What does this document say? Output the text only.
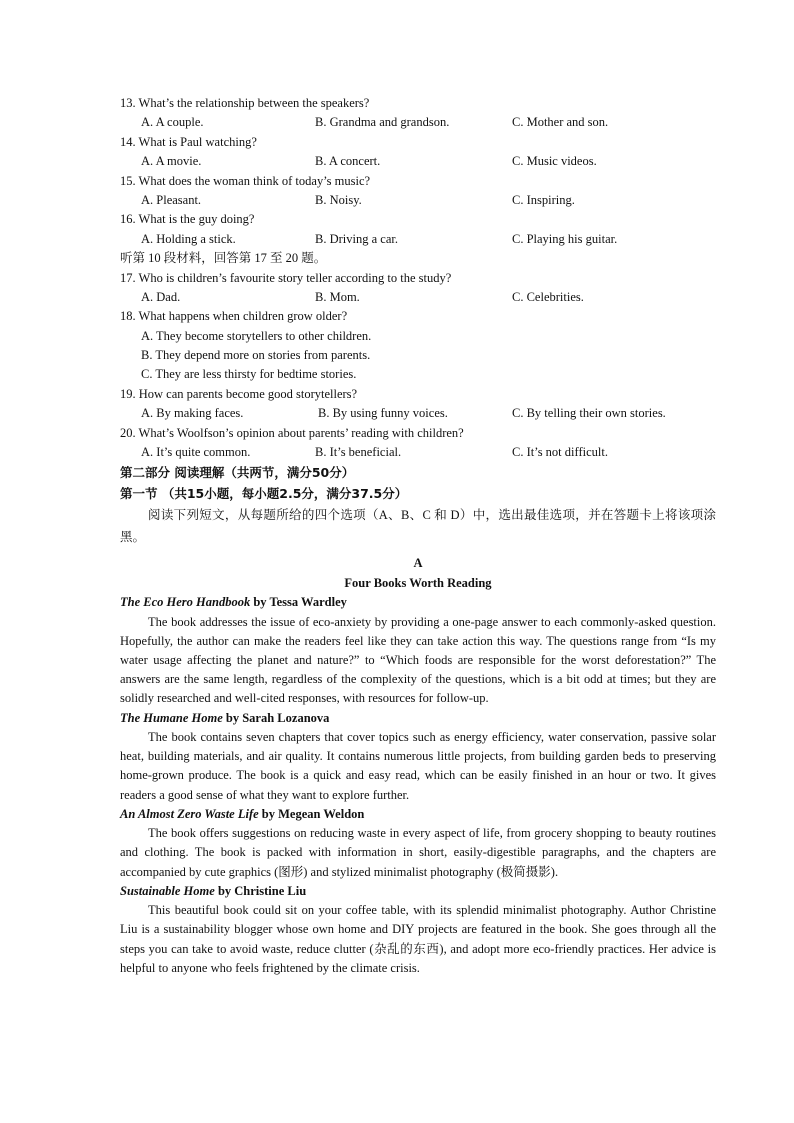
13. What’s the relationship between the speakers?
A. A couple.	B. Grandma and grandson.	C. Mother and son.
14. What is Paul watching?
A. A movie.	B. A concert.	C. Music videos.
15. What does the woman think of today’s music?
A. Pleasant.	B. Noisy.	C. Inspiring.
16. What is the guy doing?
A. Holding a stick.	B. Driving a car.	C. Playing his guitar.
听第 10 段材料，回答第 17 至 20 题。
17. Who is children’s favourite story teller according to the study?
A. Dad.	B. Mom.	C. Celebrities.
18. What happens when children grow older?
A. They become storytellers to other children.
B. They depend more on stories from parents.
C. They are less thirsty for bedtime stories.
19. How can parents become good storytellers?
A. By making faces.	B. By using funny voices.	C. By telling their own stories.
20. What’s Woolfson’s opinion about parents’ reading with children?
A. It’s quite common.	B. It’s beneficial.	C. It’s not difficult.
第二部分 阅读理解（共两节，满分50分）
第一节 （共15小题，每小题2.5分，满分37.5分）

阅读下列短文，从每题所给的四个选项（A、B、C 和 D）中，选出最佳选项，并在答题卡上将该项涂黑。

A
Four Books Worth Reading
The Eco Hero Handbook by Tessa Wardley

The book addresses the issue of eco-anxiety by providing a one-page answer to each commonly-asked question. Hopefully, the author can make the readers feel like they can take action this way. The questions range from “Is my water usage affecting the planet and nature?” to “Which foods are responsible for the worst deforestation?” The answers are the same length, regardless of the complexity of the questions, which is a bit odd at times; but they are solidly researched and well-cited responses, with resources for follow-up.

The Humane Home by Sarah Lozanova

The book contains seven chapters that cover topics such as energy efficiency, water conservation, passive solar heat, building materials, and air quality. It contains numerous little projects, from building garden beds to preserving home-grown produce. The book is a quick and easy read, which can be easily finished in an hour or two. It gives readers a good sense of what they want to explore further.

An Almost Zero Waste Life by Megean Weldon

The book offers suggestions on reducing waste in every aspect of life, from grocery shopping to beauty routines and clothing. The book is packed with information in short, easily-digestible paragraphs, and the chapters are accompanied by cute graphics (图形) and stylized minimalist photography (极简摄影).

Sustainable Home by Christine Liu

This beautiful book could sit on your coffee table, with its splendid minimalist photography. Author Christine Liu is a sustainability blogger whose own home and DIY projects are featured in the book. She goes through all the steps you can take to avoid waste, reduce clutter (杂乱的东西), and adopt more eco-friendly practices. Her advice is helpful to anyone who feels frightened by the climate crisis.
